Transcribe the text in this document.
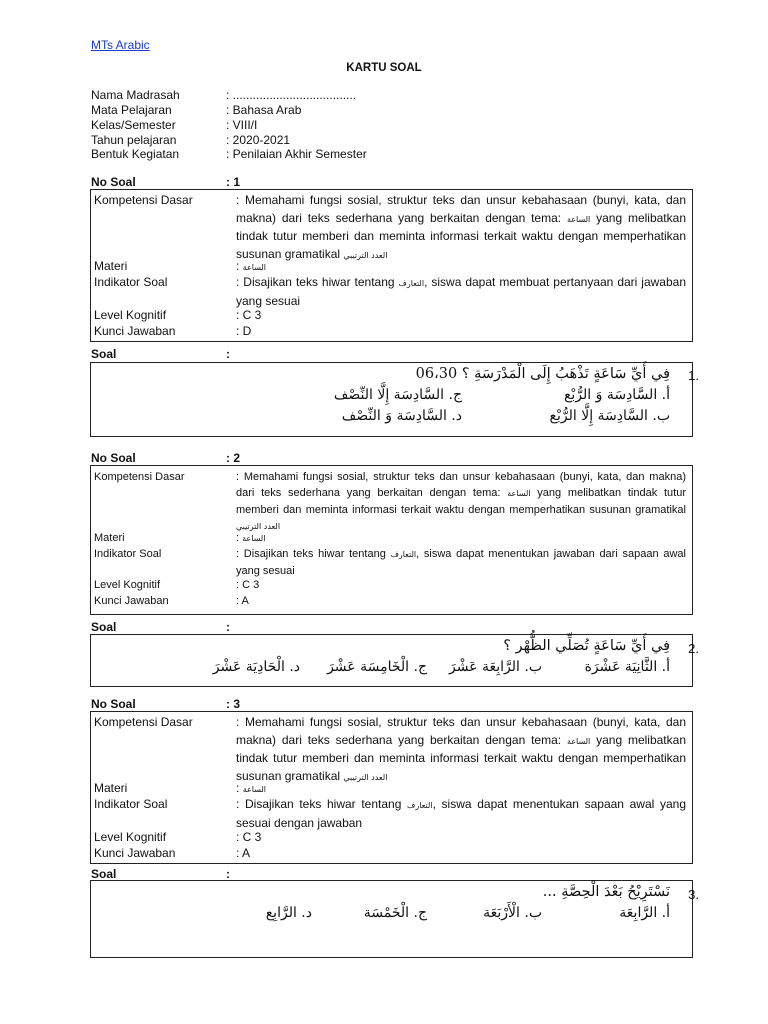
MTs Arabic
KARTU SOAL
Nama Madrasah	: .....................................
Mata Pelajaran	: Bahasa Arab
Kelas/Semester	: VIII/I
Tahun pelajaran	: 2020-2021
Bentuk Kegiatan	: Penilaian Akhir Semester
No Soal	: 1
Kompetensi Dasar	: Memahami fungsi sosial, struktur teks dan unsur kebahasaan (bunyi, kata, dan makna) dari teks sederhana yang berkaitan dengan tema: الساعة yang melibatkan tindak tutur memberi dan meminta informasi terkait waktu dengan memperhatikan susunan gramatikal العدد الترتيبي
Materi	: الساعة
Indikator Soal	: Disajikan teks hiwar tentang التعارف, siswa dapat membuat pertanyaan dari jawaban yang sesuai
Level Kognitif	: C 3
Kunci Jawaban	: D
Soal	:
1.
فِي أَيِّ سَاعَةٍ تَذْهَبُ إِلَى الْمَدْرَسَةِ ؟ 06،30
أ. السَّادِسَة وَ الرُّبْع
ج. السَّادِسَة إِلَّا النِّصْف
ب. السَّادِسَة إِلَّا الرُّبْع
د. السَّادِسَة وَ النِّصْف
No Soal	: 2
Kompetensi Dasar	: Memahami fungsi sosial, struktur teks dan unsur kebahasaan (bunyi, kata, dan makna) dari teks sederhana yang berkaitan dengan tema: الساعة yang melibatkan tindak tutur memberi dan meminta informasi terkait waktu dengan memperhatikan susunan gramatikal العدد الترتيبي
Materi	: الساعة
Indikator Soal	: Disajikan teks hiwar tentang التعارف, siswa dapat menentukan jawaban dari sapaan awal yang sesuai
Level Kognitif	: C 3
Kunci Jawaban	: A
Soal	:
2.
فِي أَيِّ سَاعَةٍ تُصَلِّي الظُّهْر ؟
أ. الثَّانِيَة عَشْرَة
ب. الرَّابِعَة عَشْرَ
ج. الْخَامِسَة عَشْرَ
د. الْحَادِيَة عَشْرَ
No Soal	: 3
Kompetensi Dasar	: Memahami fungsi sosial, struktur teks dan unsur kebahasaan (bunyi, kata, dan makna) dari teks sederhana yang berkaitan dengan tema: الساعة yang melibatkan tindak tutur memberi dan meminta informasi terkait waktu dengan memperhatikan susunan gramatikal العدد الترتيبي
Materi	: الساعة
Indikator Soal	: Disajikan teks hiwar tentang التعارف, siswa dapat menentukan sapaan awal yang sesuai dengan jawaban
Level Kognitif	: C 3
Kunci Jawaban	: A
Soal	:
3.
نَسْتَرِيْحُ بَعْدَ الْحِصَّةِ ...
أ. الرَّابِعَة
ب. الْأَرْبَعَة
ج. الْخَمْسَة
د. الرَّابِع
